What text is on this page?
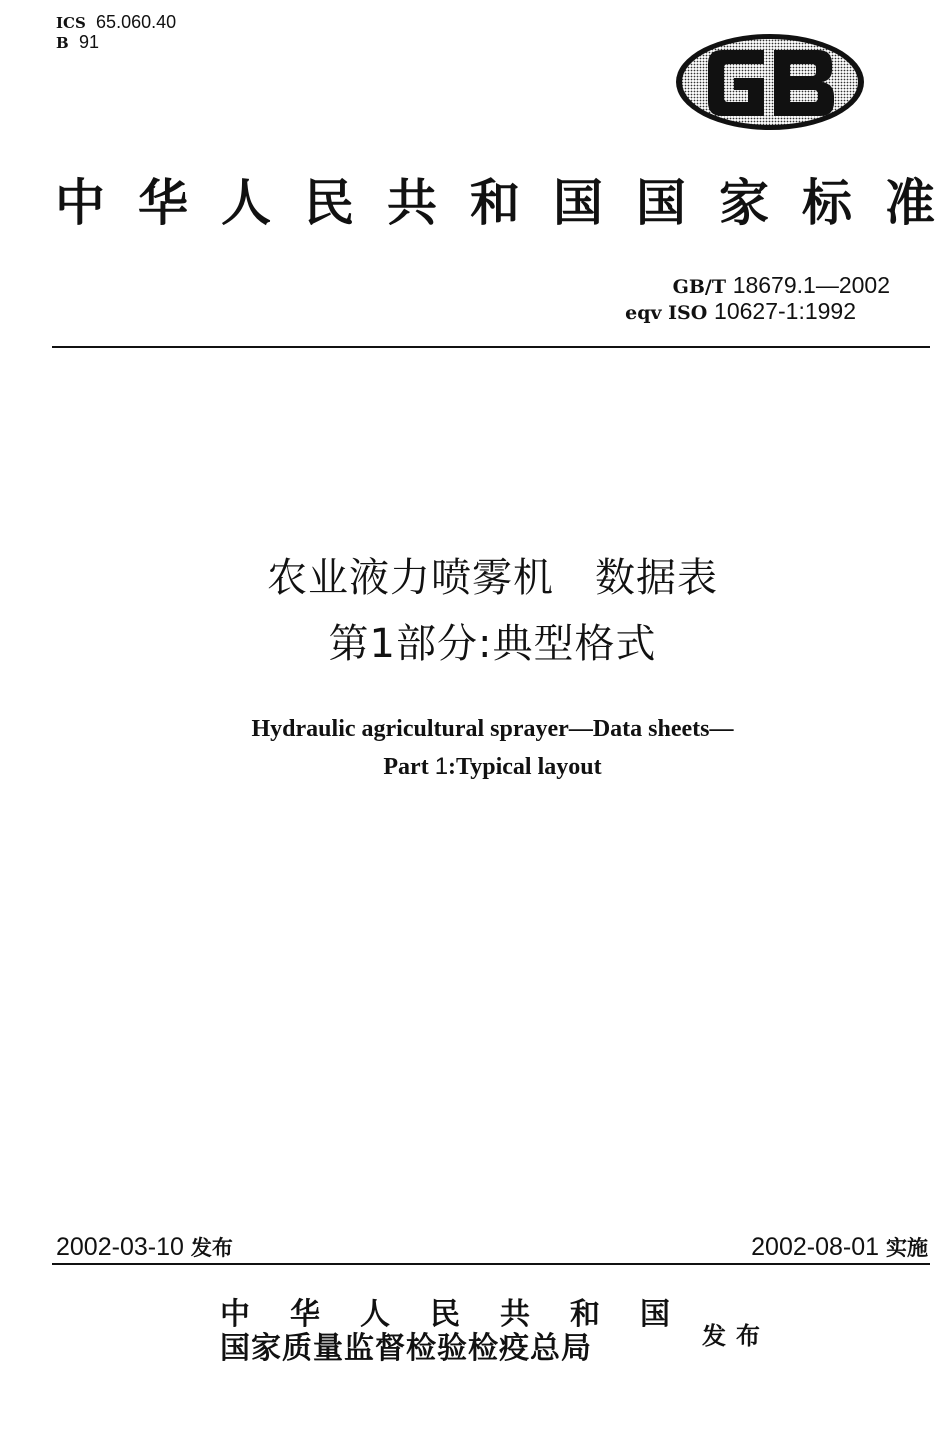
ICS 65.060.40
B 91
中 华 人 民 共 和 国 国 家 标 准
GB/T 18679.1—2002
eqv ISO 10627-1:1992
农业液力喷雾机　数据表
第1部分:典型格式
Hydraulic agricultural sprayer—Data sheets—
Part 1:Typical layout
2002-03-10 发布	2002-08-01 实施
中 华 人 民 共 和 国
国家质量监督检验检疫总局	发布
